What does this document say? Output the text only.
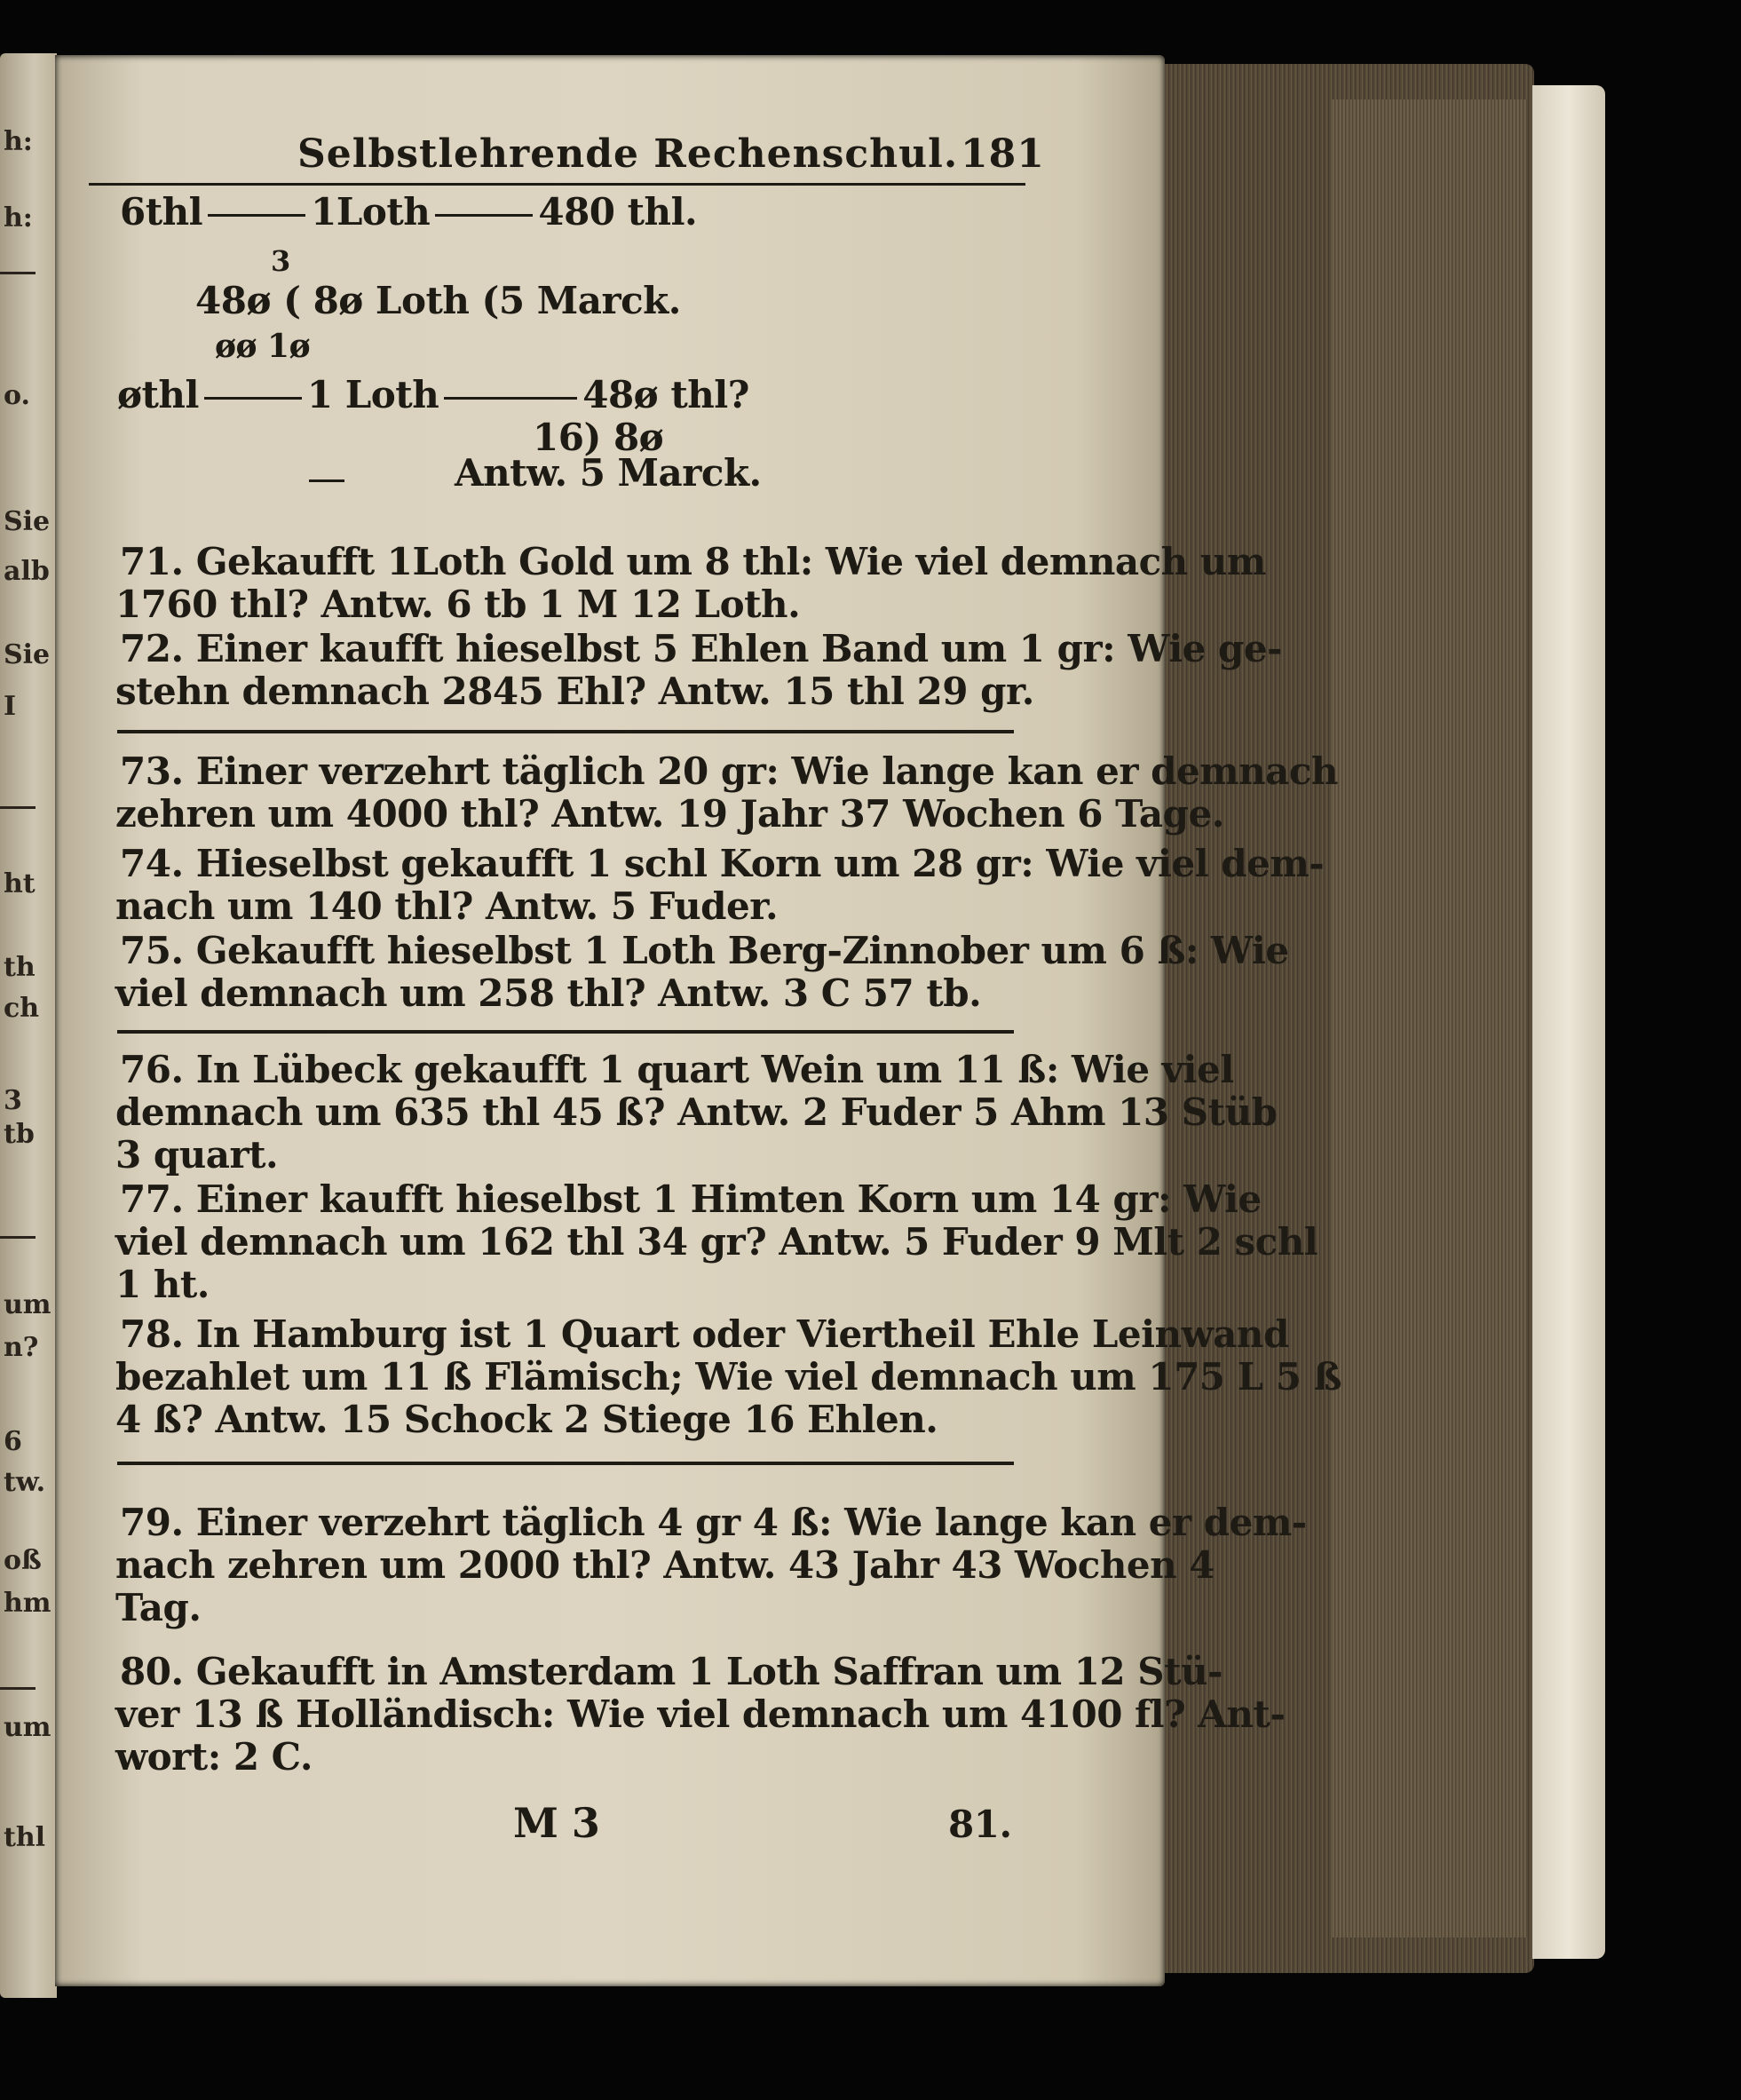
h:
h:
o.
Sie
alb
Sie
I
ht
th
ch
3
tb
um
n?
6
tw.
oß
hm
um
thl
Selbstlehrende Rechenschul. 181
6thl	1Loth	480 thl.
3
48ø ( 8ø Loth (5 Marck.
øø 1ø
øthl	1 Loth	48ø thl?
16) 8ø
Antw. 5 Marck.
71. Gekaufft 1Loth Gold um 8 thl: Wie viel demnach um
1760 thl? Antw. 6 tb 1 M 12 Loth.
72. Einer kaufft hieselbst 5 Ehlen Band um 1 gr: Wie ge-
stehn demnach 2845 Ehl? Antw. 15 thl 29 gr.
73. Einer verzehrt täglich 20 gr: Wie lange kan er demnach
zehren um 4000 thl? Antw. 19 Jahr 37 Wochen 6 Tage.
74. Hieselbst gekaufft 1 schl Korn um 28 gr: Wie viel dem-
nach um 140 thl? Antw. 5 Fuder.
75. Gekaufft hieselbst 1 Loth Berg-Zinnober um 6 ß: Wie
viel demnach um 258 thl? Antw. 3 C 57 tb.
76. In Lübeck gekaufft 1 quart Wein um 11 ß: Wie viel
demnach um 635 thl 45 ß? Antw. 2 Fuder 5 Ahm 13 Stüb
3 quart.
77. Einer kaufft hieselbst 1 Himten Korn um 14 gr: Wie
viel demnach um 162 thl 34 gr? Antw. 5 Fuder 9 Mlt 2 schl
1 ht.
78. In Hamburg ist 1 Quart oder Viertheil Ehle Leinwand
bezahlet um 11 ß Flämisch; Wie viel demnach um 175 L 5 ß
4 ß? Antw. 15 Schock 2 Stiege 16 Ehlen.
79. Einer verzehrt täglich 4 gr 4 ß: Wie lange kan er dem-
nach zehren um 2000 thl? Antw. 43 Jahr 43 Wochen 4
Tag.
80. Gekaufft in Amsterdam 1 Loth Saffran um 12 Stü-
ver 13 ß Holländisch: Wie viel demnach um 4100 fl? Ant-
wort: 2 C.
M 3	81.
